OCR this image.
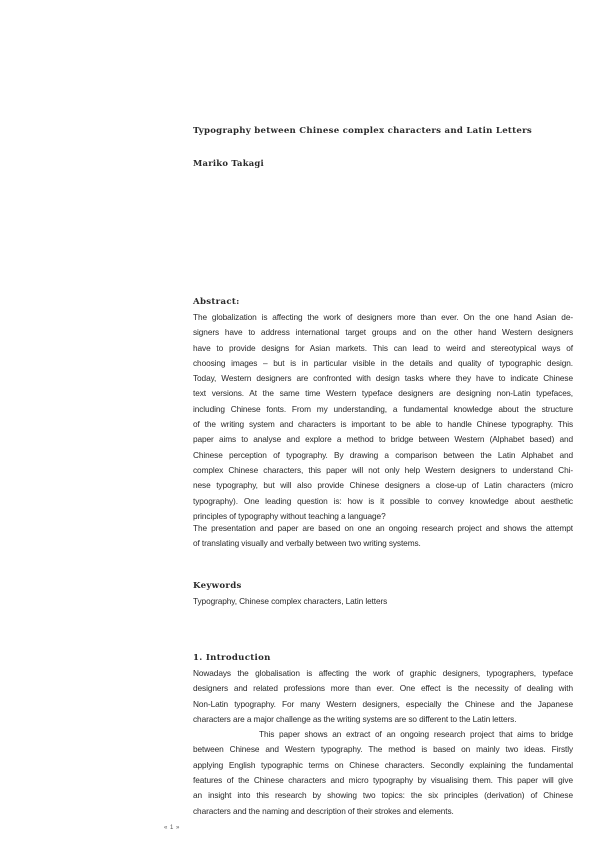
Typography between Chinese complex characters and Latin Letters
Mariko Takagi
Abstract:
The globalization is affecting the work of designers more than ever. On the one hand Asian de-
signers have to address international target groups and on the other hand Western designers
have to provide designs for Asian markets. This can lead to weird and stereotypical ways of
choosing images – but is in particular visible in the details and quality of typographic design.
Today, Western designers are confronted with design tasks where they have to indicate Chinese
text versions. At the same time Western typeface designers are designing non-Latin typefaces,
including Chinese fonts. From my understanding, a fundamental knowledge about the structure
of the writing system and characters is important to be able to handle Chinese typography. This
paper aims to analyse and explore a method to bridge between Western (Alphabet based) and
Chinese perception of typography. By drawing a comparison between the Latin Alphabet and
complex Chinese characters, this paper will not only help Western designers to understand Chi-
nese typography, but will also provide Chinese designers a close-up of Latin characters (micro
typography). One leading question is: how is it possible to convey knowledge about aesthetic
principles of typography without teaching a language?
The presentation and paper are based on one an ongoing research project and shows the attempt
of translating visually and verbally between two writing systems.
Keywords
Typography, Chinese complex characters, Latin letters
1. Introduction
Nowadays the globalisation is affecting the work of graphic designers, typographers, typeface
designers and related professions more than ever. One effect is the necessity of dealing with
Non-Latin typography. For many Western designers, especially the Chinese and the Japanese
characters are a major challenge as the writing systems are so different to the Latin letters.
This paper shows an extract of an ongoing research project that aims to bridge
between Chinese and Western typography. The method is based on mainly two ideas. Firstly
applying English typographic terms on Chinese characters. Secondly explaining the fundamental
features of the Chinese characters and micro typography by visualising them. This paper will give
an insight into this research by showing two topics: the six principles (derivation) of Chinese
characters and the naming and description of their strokes and elements.
« 1 »
